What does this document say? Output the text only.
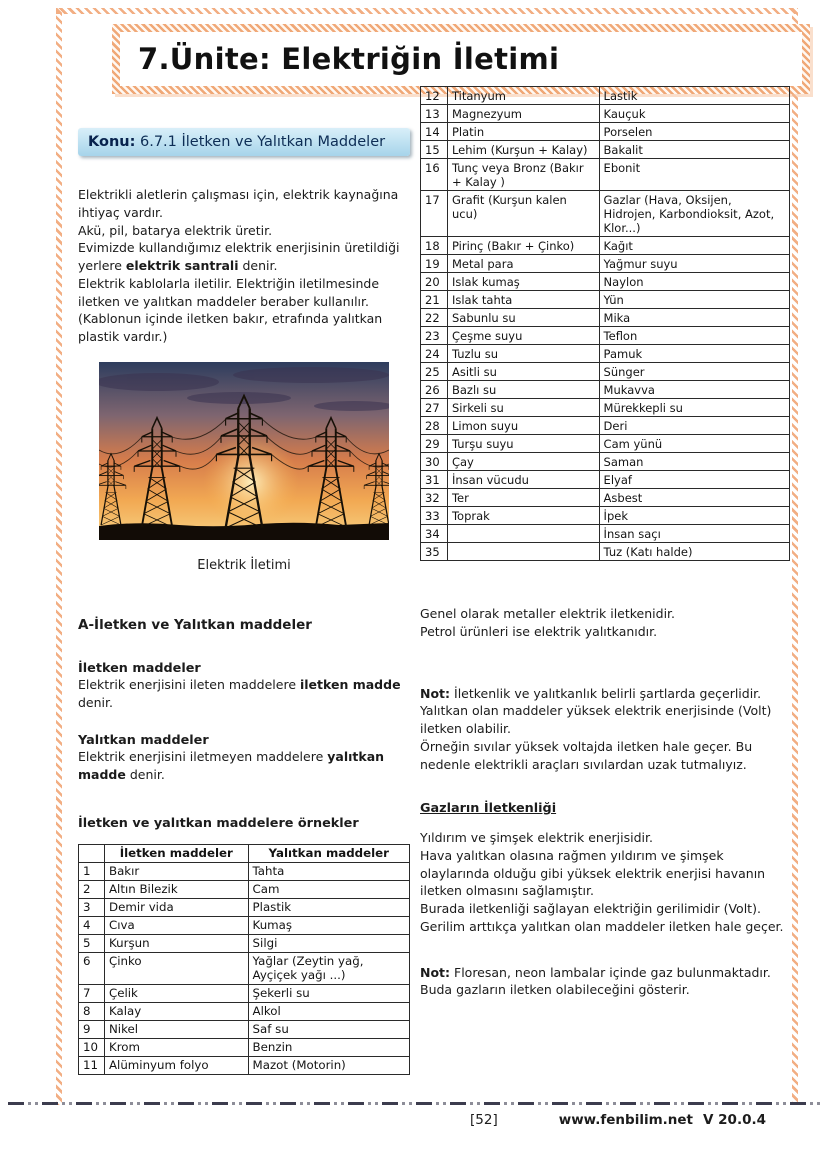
7.Ünite: Elektriğin İletimi
Konu: 6.7.1 İletken ve Yalıtkan Maddeler

Elektrikli aletlerin çalışması için, elektrik kaynağına ihtiyaç vardır.

Akü, pil, batarya elektrik üretir.

Evimizde kullandığımız elektrik enerjisinin üretildiği yerlere elektrik santrali denir.

Elektrik kablolarla iletilir. Elektriğin iletilmesinde iletken ve yalıtkan maddeler beraber kullanılır. (Kablonun içinde iletken bakır, etrafında yalıtkan plastik vardır.)

Elektrik İletimi

A-İletken ve Yalıtkan maddeler

İletken maddeler

Elektrik enerjisini ileten maddelere iletken madde denir.

Yalıtkan maddeler

Elektrik enerjisini iletmeyen maddelere yalıtkan madde denir.

İletken ve yalıtkan maddelere örnekler

	İletken maddeler	Yalıtkan maddeler
1	Bakır	Tahta
2	Altın Bilezik	Cam
3	Demir vida	Plastik
4	Cıva	Kumaş
5	Kurşun	Silgi
6	Çinko	Yağlar (Zeytin yağ, Ayçiçek yağı ...)
7	Çelik	Şekerli su
8	Kalay	Alkol
9	Nikel	Saf su
10	Krom	Benzin
11	Alüminyum folyo	Mazot (Motorin)
12	Titanyum	Lastik
13	Magnezyum	Kauçuk
14	Platin	Porselen
15	Lehim (Kurşun + Kalay)	Bakalit
16	Tunç veya Bronz (Bakır + Kalay )	Ebonit
17	Grafit (Kurşun kalen ucu)	Gazlar (Hava, Oksijen, Hidrojen, Karbondioksit, Azot, Klor...)
18	Pirinç (Bakır + Çinko)	Kağıt
19	Metal para	Yağmur suyu
20	Islak kumaş	Naylon
21	Islak tahta	Yün
22	Sabunlu su	Mika
23	Çeşme suyu	Teflon
24	Tuzlu su	Pamuk
25	Asitli su	Sünger
26	Bazlı su	Mukavva
27	Sirkeli su	Mürekkepli su
28	Limon suyu	Deri
29	Turşu suyu	Cam yünü
30	Çay	Saman
31	İnsan vücudu	Elyaf
32	Ter	Asbest
33	Toprak	İpek
34		İnsan saçı
35		Tuz (Katı halde)

Genel olarak metaller elektrik iletkenidir.

Petrol ürünleri ise elektrik yalıtkanıdır.

Not: İletkenlik ve yalıtkanlık belirli şartlarda geçerlidir.

Yalıtkan olan maddeler yüksek elektrik enerjisinde (Volt) iletken olabilir.

Örneğin sıvılar yüksek voltajda iletken hale geçer. Bu nedenle elektrikli araçları sıvılardan uzak tutmalıyız.

Gazların İletkenliği

Yıldırım ve şimşek elektrik enerjisidir.

Hava yalıtkan olasına rağmen yıldırım ve şimşek olaylarında olduğu gibi yüksek elektrik enerjisi havanın iletken olmasını sağlamıştır.

Burada iletkenliği sağlayan elektriğin gerilimidir (Volt).

Gerilim arttıkça yalıtkan olan maddeler iletken hale geçer.

Not: Floresan, neon lambalar içinde gaz bulunmaktadır.

Buda gazların iletken olabileceğini gösterir.

[52]	www.fenbilim.net V 20.0.4
